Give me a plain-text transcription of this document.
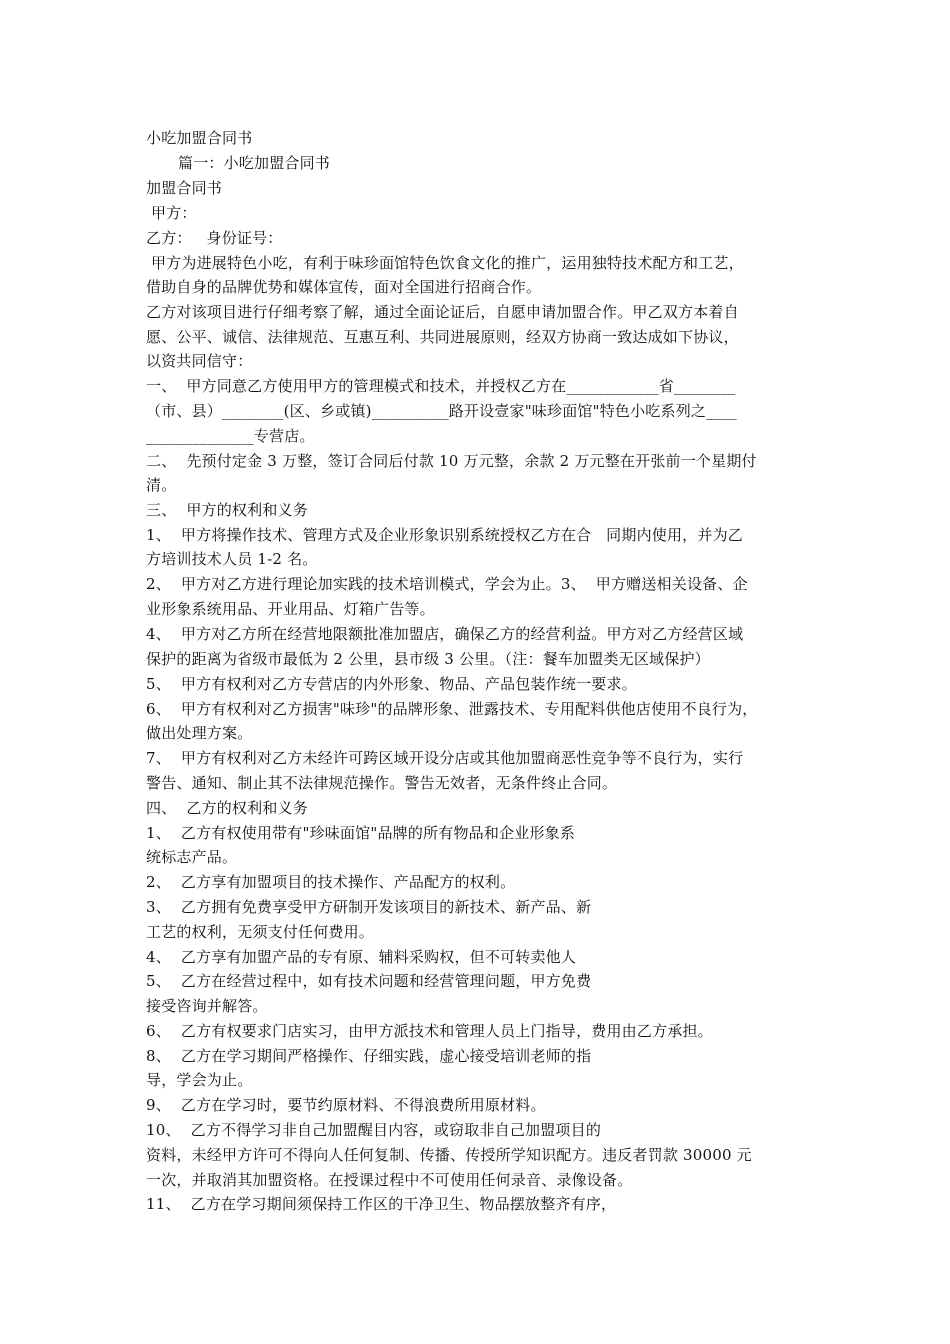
小吃加盟合同书
篇一：小吃加盟合同书
加盟合同书
甲方：
乙方：   身份证号：
甲方为进展特色小吃，有利于味珍面馆特色饮食文化的推广，运用独特技术配方和工艺，
借助自身的品牌优势和媒体宣传，面对全国进行招商合作。
乙方对该项目进行仔细考察了解，通过全面论证后，自愿申请加盟合作。甲乙双方本着自
愿、公平、诚信、法律规范、互惠互利、共同进展原则，经双方协商一致达成如下协议，
以资共同信守：
一、  甲方同意乙方使用甲方的管理模式和技术，并授权乙方在____________省________
（市、县）________(区、乡或镇)__________路开设壹家"味珍面馆"特色小吃系列之____
______________专营店。
二、  先预付定金 3 万整，签订合同后付款 10 万元整，余款 2 万元整在开张前一个星期付
清。
三、  甲方的权利和义务
1、  甲方将操作技术、管理方式及企业形象识别系统授权乙方在合   同期内使用，并为乙
方培训技术人员 1-2 名。
2、  甲方对乙方进行理论加实践的技术培训模式，学会为止。3、  甲方赠送相关设备、企
业形象系统用品、开业用品、灯箱广告等。
4、  甲方对乙方所在经营地限额批准加盟店，确保乙方的经营利益。甲方对乙方经营区域
保护的距离为省级市最低为 2 公里，县市级 3 公里。（注：餐车加盟类无区域保护）
5、  甲方有权利对乙方专营店的内外形象、物品、产品包装作统一要求。
6、  甲方有权利对乙方损害"味珍"的品牌形象、泄露技术、专用配料供他店使用不良行为，
做出处理方案。
7、  甲方有权利对乙方未经许可跨区域开设分店或其他加盟商恶性竞争等不良行为，实行
警告、通知、制止其不法律规范操作。警告无效者，无条件终止合同。
四、  乙方的权利和义务
1、  乙方有权使用带有"珍味面馆"品牌的所有物品和企业形象系
统标志产品。
2、  乙方享有加盟项目的技术操作、产品配方的权利。
3、  乙方拥有免费享受甲方研制开发该项目的新技术、新产品、新
工艺的权利，无须支付任何费用。
4、  乙方享有加盟产品的专有原、辅料采购权，但不可转卖他人
5、  乙方在经营过程中，如有技术问题和经营管理问题，甲方免费
接受咨询并解答。
6、  乙方有权要求门店实习，由甲方派技术和管理人员上门指导，费用由乙方承担。
8、  乙方在学习期间严格操作、仔细实践，虚心接受培训老师的指
导，学会为止。
9、  乙方在学习时，要节约原材料、不得浪费所用原材料。
10、  乙方不得学习非自己加盟醒目内容，或窃取非自己加盟项目的
资料，未经甲方许可不得向人任何复制、传播、传授所学知识配方。违反者罚款 30000 元
一次，并取消其加盟资格。在授课过程中不可使用任何录音、录像设备。
11、  乙方在学习期间须保持工作区的干净卫生、物品摆放整齐有序，
